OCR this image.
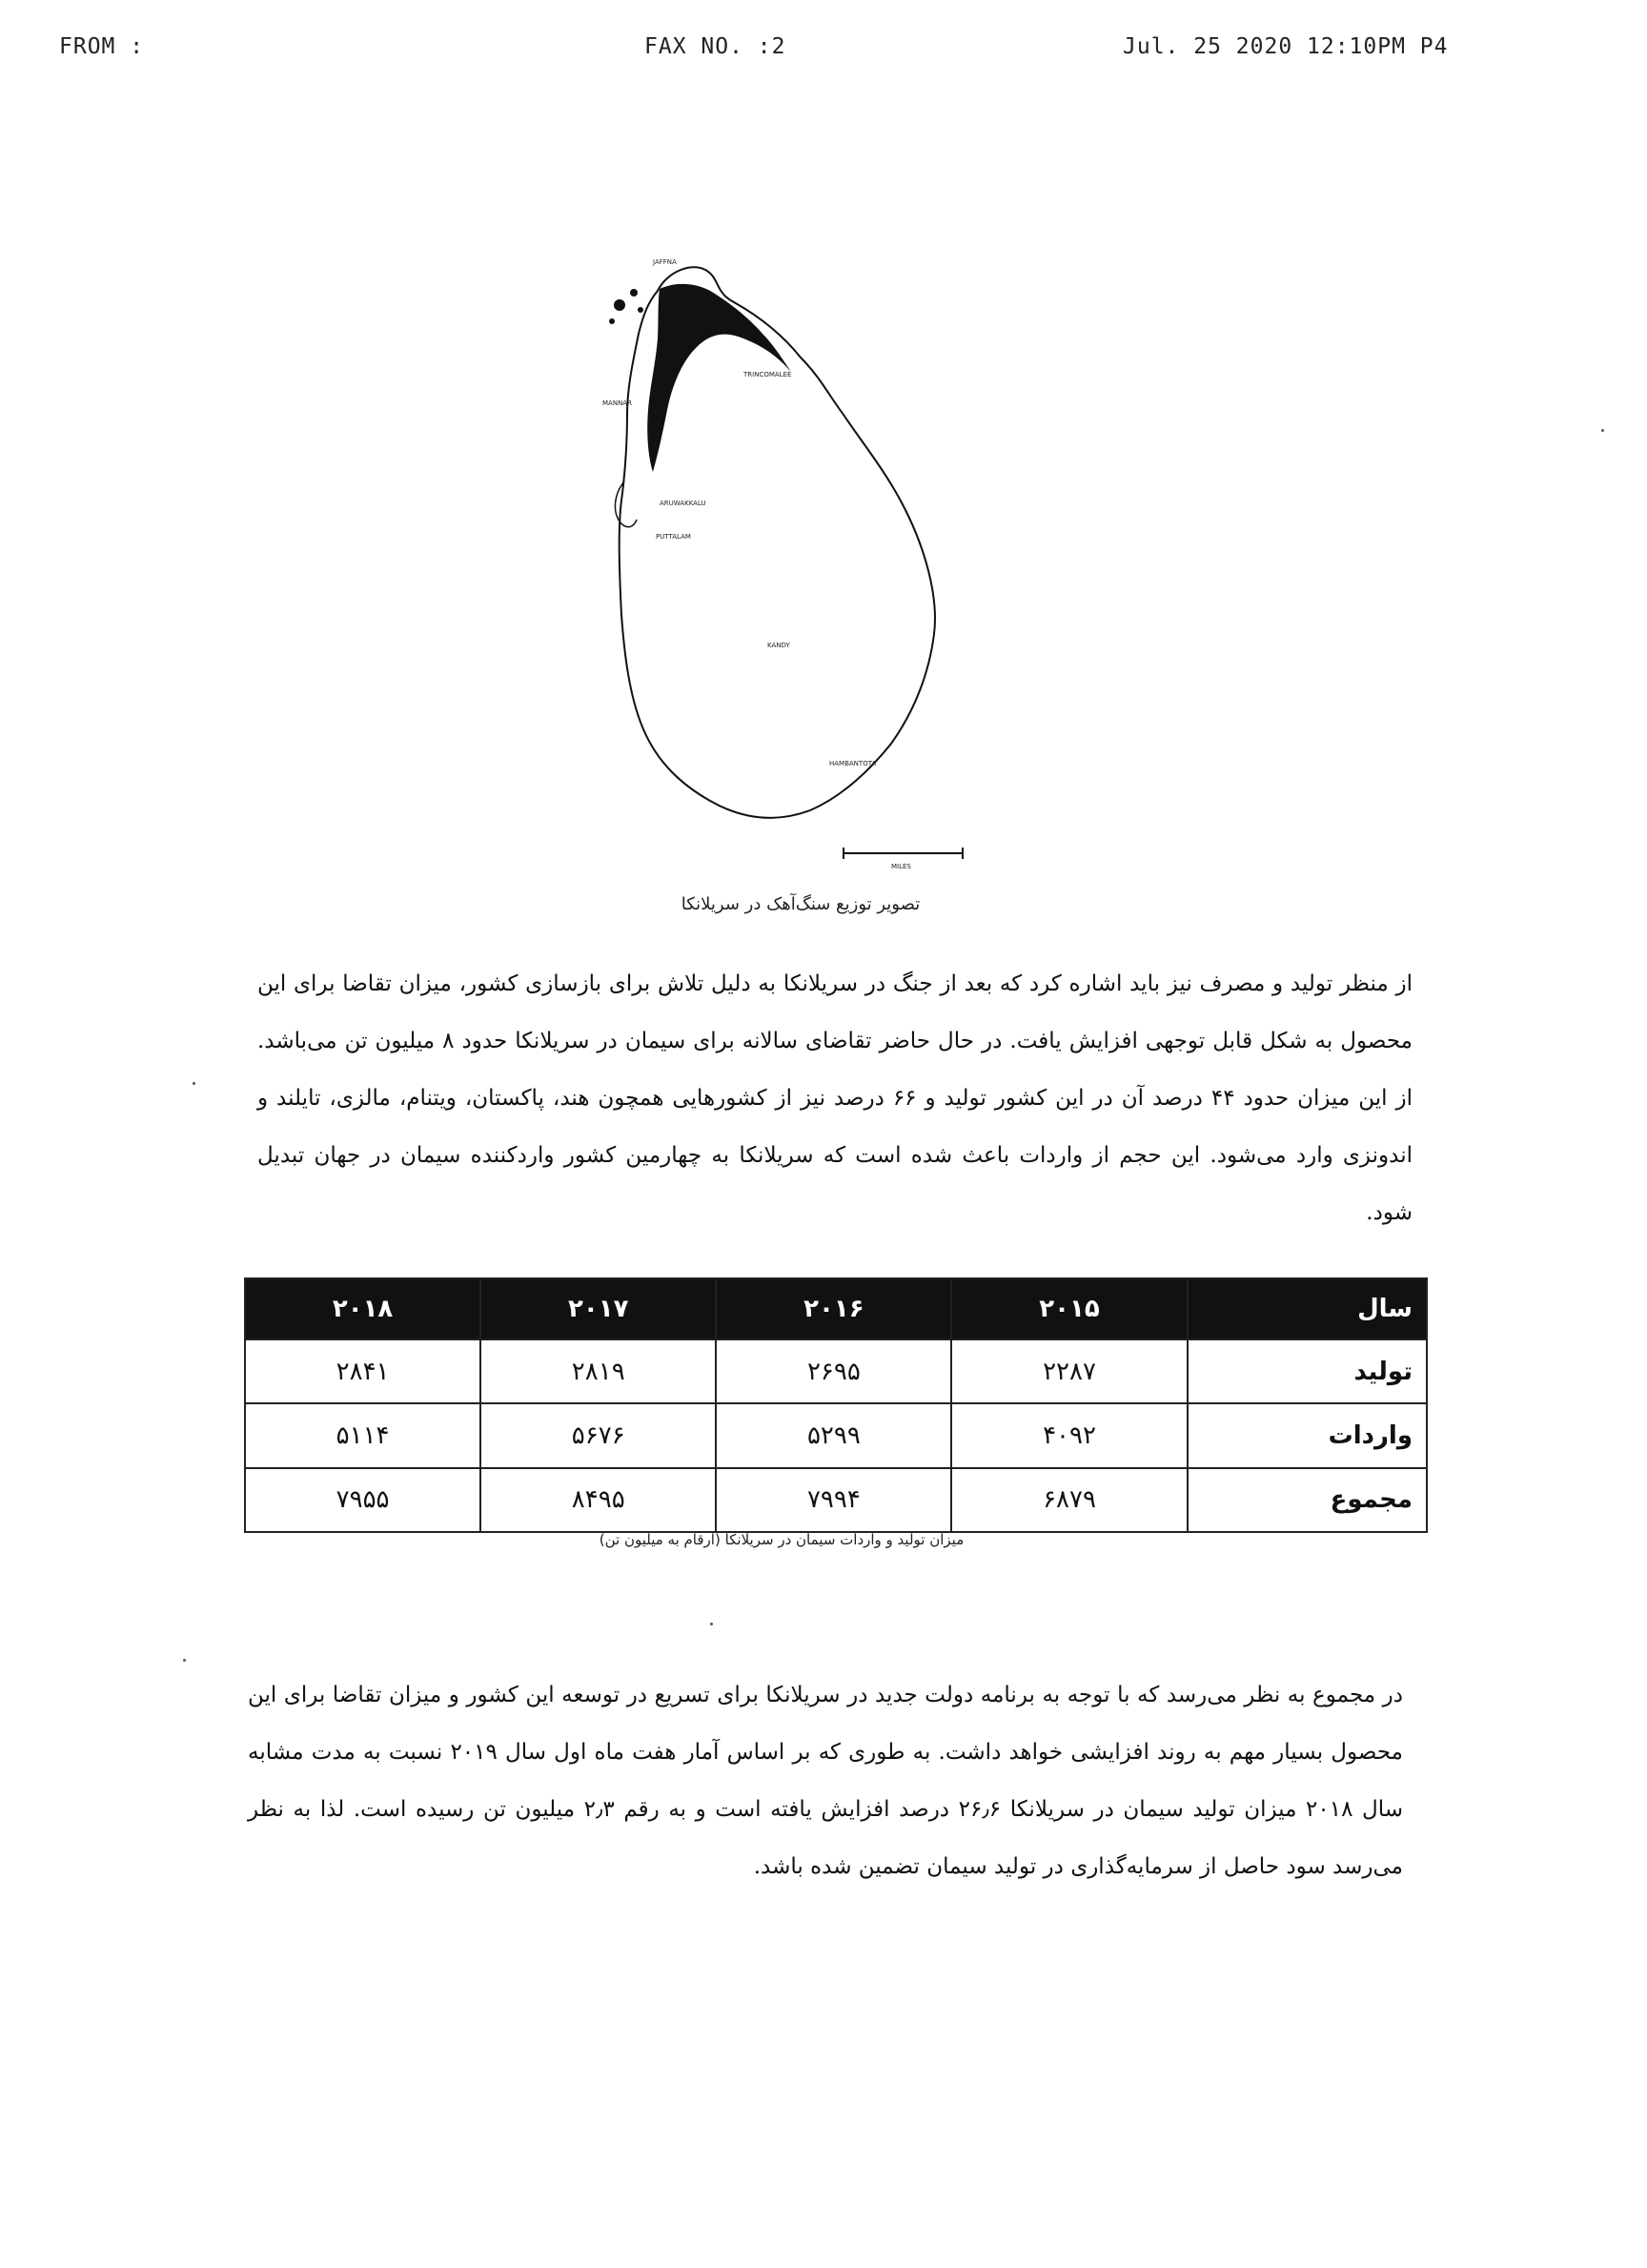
FROM :	FAX NO. :2	Jul. 25 2020 12:10PM P4
JAFFNA
MANNAR
TRINCOMALEE
ARUWAKKALU
PUTTALAM
KANDY
HAMBANTOTA
MILES
تصویر توزیع سنگ‌آهک در سریلانکا
از منظر تولید و مصرف نیز باید اشاره کرد که بعد از جنگ در سریلانکا به دلیل تلاش برای بازسازی کشور، میزان تقاضا برای این محصول به شکل قابل توجهی افزایش یافت. در حال حاضر تقاضای سالانه برای سیمان در سریلانکا حدود ۸ میلیون تن می‌باشد. از این میزان حدود ۴۴ درصد آن در این کشور تولید و ۶۶ درصد نیز از کشورهایی همچون هند، پاکستان، ویتنام، مالزی، تایلند و اندونزی وارد می‌شود. این حجم از واردات باعث شده است که سریلانکا به چهارمین کشور واردکننده سیمان در جهان تبدیل شود.
سال	۲۰۱۵	۲۰۱۶	۲۰۱۷	۲۰۱۸
تولید	۲۲۸۷	۲۶۹۵	۲۸۱۹	۲۸۴۱
واردات	۴۰۹۲	۵۲۹۹	۵۶۷۶	۵۱۱۴
مجموع	۶۸۷۹	۷۹۹۴	۸۴۹۵	۷۹۵۵
میزان تولید و واردات سیمان در سریلانکا (ارقام به میلیون تن)
در مجموع به نظر می‌رسد که با توجه به برنامه دولت جدید در سریلانکا برای تسریع در توسعه این کشور و میزان تقاضا برای این محصول بسیار مهم به روند افزایشی خواهد داشت. به طوری که بر اساس آمار هفت ماه اول سال ۲۰۱۹ نسبت به مدت مشابه سال ۲۰۱۸ میزان تولید سیمان در سریلانکا ۲۶٫۶ درصد افزایش یافته است و به رقم ۲٫۳ میلیون تن رسیده است. لذا به نظر می‌رسد سود حاصل از سرمایه‌گذاری در تولید سیمان تضمین شده باشد.
